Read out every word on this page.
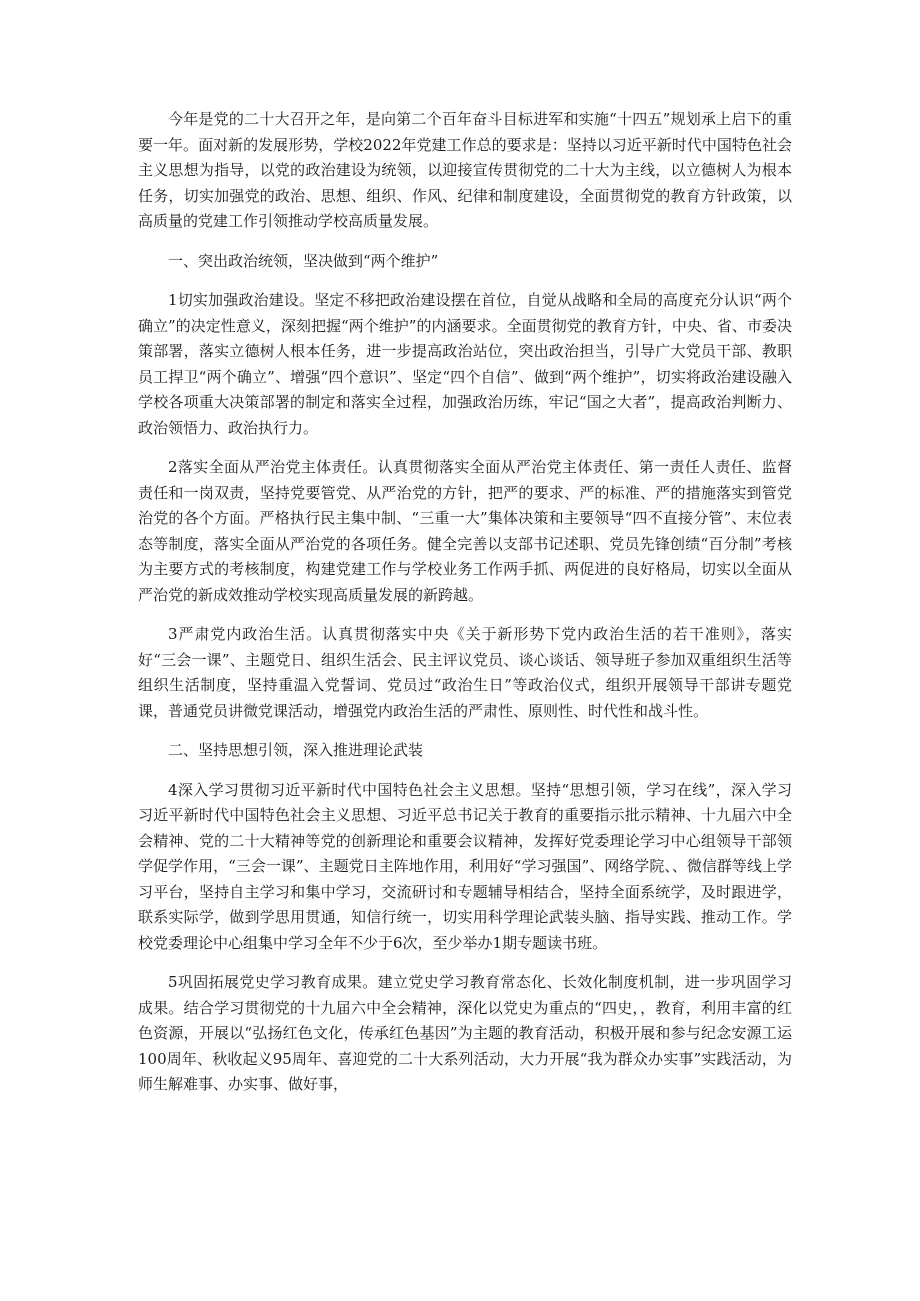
今年是党的二十大召开之年，是向第二个百年奋斗目标进军和实施“十四五”规划承上启下的重要一年。面对新的发展形势，学校2022年党建工作总的要求是：坚持以习近平新时代中国特色社会主义思想为指导，以党的政治建设为统领，以迎接宣传贯彻党的二十大为主线，以立德树人为根本任务，切实加强党的政治、思想、组织、作风、纪律和制度建设，全面贯彻党的教育方针政策，以高质量的党建工作引领推动学校高质量发展。

一、突出政治统领，坚决做到“两个维护”

1切实加强政治建设。坚定不移把政治建设摆在首位，自觉从战略和全局的高度充分认识“两个确立”的决定性意义，深刻把握“两个维护”的内涵要求。全面贯彻党的教育方针，中央、省、市委决策部署，落实立德树人根本任务，进一步提高政治站位，突出政治担当，引导广大党员干部、教职员工捍卫“两个确立”、增强“四个意识”、坚定“四个自信”、做到“两个维护”，切实将政治建设融入学校各项重大决策部署的制定和落实全过程，加强政治历练，牢记“国之大者”，提高政治判断力、政治领悟力、政治执行力。

2落实全面从严治党主体责任。认真贯彻落实全面从严治党主体责任、第一责任人责任、监督责任和一岗双责，坚持党要管党、从严治党的方针，把严的要求、严的标准、严的措施落实到管党治党的各个方面。严格执行民主集中制、“三重一大”集体决策和主要领导“四不直接分管”、末位表态等制度，落实全面从严治党的各项任务。健全完善以支部书记述职、党员先锋创绩“百分制”考核为主要方式的考核制度，构建党建工作与学校业务工作两手抓、两促进的良好格局，切实以全面从严治党的新成效推动学校实现高质量发展的新跨越。

3严肃党内政治生活。认真贯彻落实中央《关于新形势下党内政治生活的若干准则》，落实好“三会一课”、主题党日、组织生活会、民主评议党员、谈心谈话、领导班子参加双重组织生活等组织生活制度，坚持重温入党誓词、党员过“政治生日”等政治仪式，组织开展领导干部讲专题党课，普通党员讲微党课活动，增强党内政治生活的严肃性、原则性、时代性和战斗性。

二、坚持思想引领，深入推进理论武装

4深入学习贯彻习近平新时代中国特色社会主义思想。坚持“思想引领，学习在线”，深入学习习近平新时代中国特色社会主义思想、习近平总书记关于教育的重要指示批示精神、十九届六中全会精神、党的二十大精神等党的创新理论和重要会议精神，发挥好党委理论学习中心组领导干部领学促学作用，“三会一课”、主题党日主阵地作用，利用好“学习强国”、网络学院、、微信群等线上学习平台，坚持自主学习和集中学习，交流研讨和专题辅导相结合，坚持全面系统学，及时跟进学，联系实际学，做到学思用贯通，知信行统一，切实用科学理论武装头脑、指导实践、推动工作。学校党委理论中心组集中学习全年不少于6次，至少举办1期专题读书班。

5巩固拓展党史学习教育成果。建立党史学习教育常态化、长效化制度机制，进一步巩固学习成果。结合学习贯彻党的十九届六中全会精神，深化以党史为重点的“四史，，教育，利用丰富的红色资源，开展以“弘扬红色文化，传承红色基因”为主题的教育活动，积极开展和参与纪念安源工运100周年、秋收起义95周年、喜迎党的二十大系列活动，大力开展“我为群众办实事”实践活动，为师生解难事、办实事、做好事，
